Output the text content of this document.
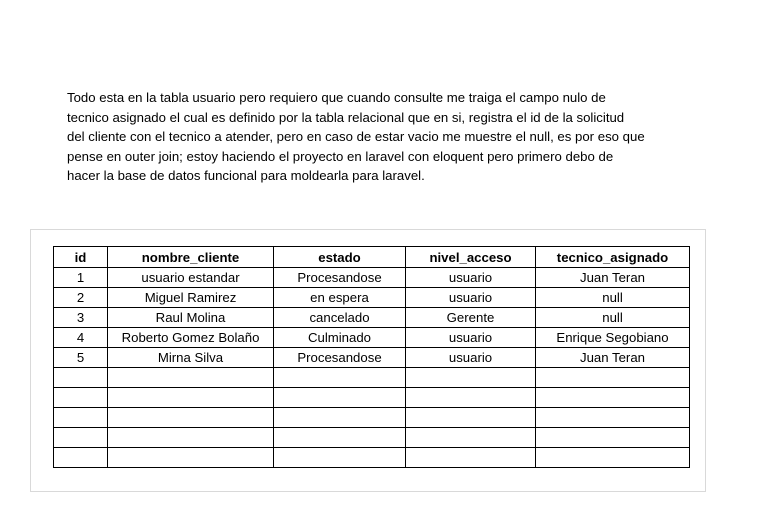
Todo esta en la tabla usuario pero requiero que cuando consulte me traiga el campo nulo de
tecnico asignado el cual es definido por la tabla relacional que en si, registra el id de la solicitud
del cliente con el tecnico a atender, pero en caso de estar vacio me muestre el null, es por eso que
pense en outer join; estoy haciendo el proyecto en laravel con eloquent pero primero debo de
hacer la base de datos funcional para moldearla para laravel.
id	nombre_cliente	estado	nivel_acceso	tecnico_asignado
1	usuario estandar	Procesandose	usuario	Juan Teran
2	Miguel Ramirez	en espera	usuario	null
3	Raul Molina	cancelado	Gerente	null
4	Roberto Gomez Bolaño	Culminado	usuario	Enrique Segobiano
5	Mirna Silva	Procesandose	usuario	Juan Teran
